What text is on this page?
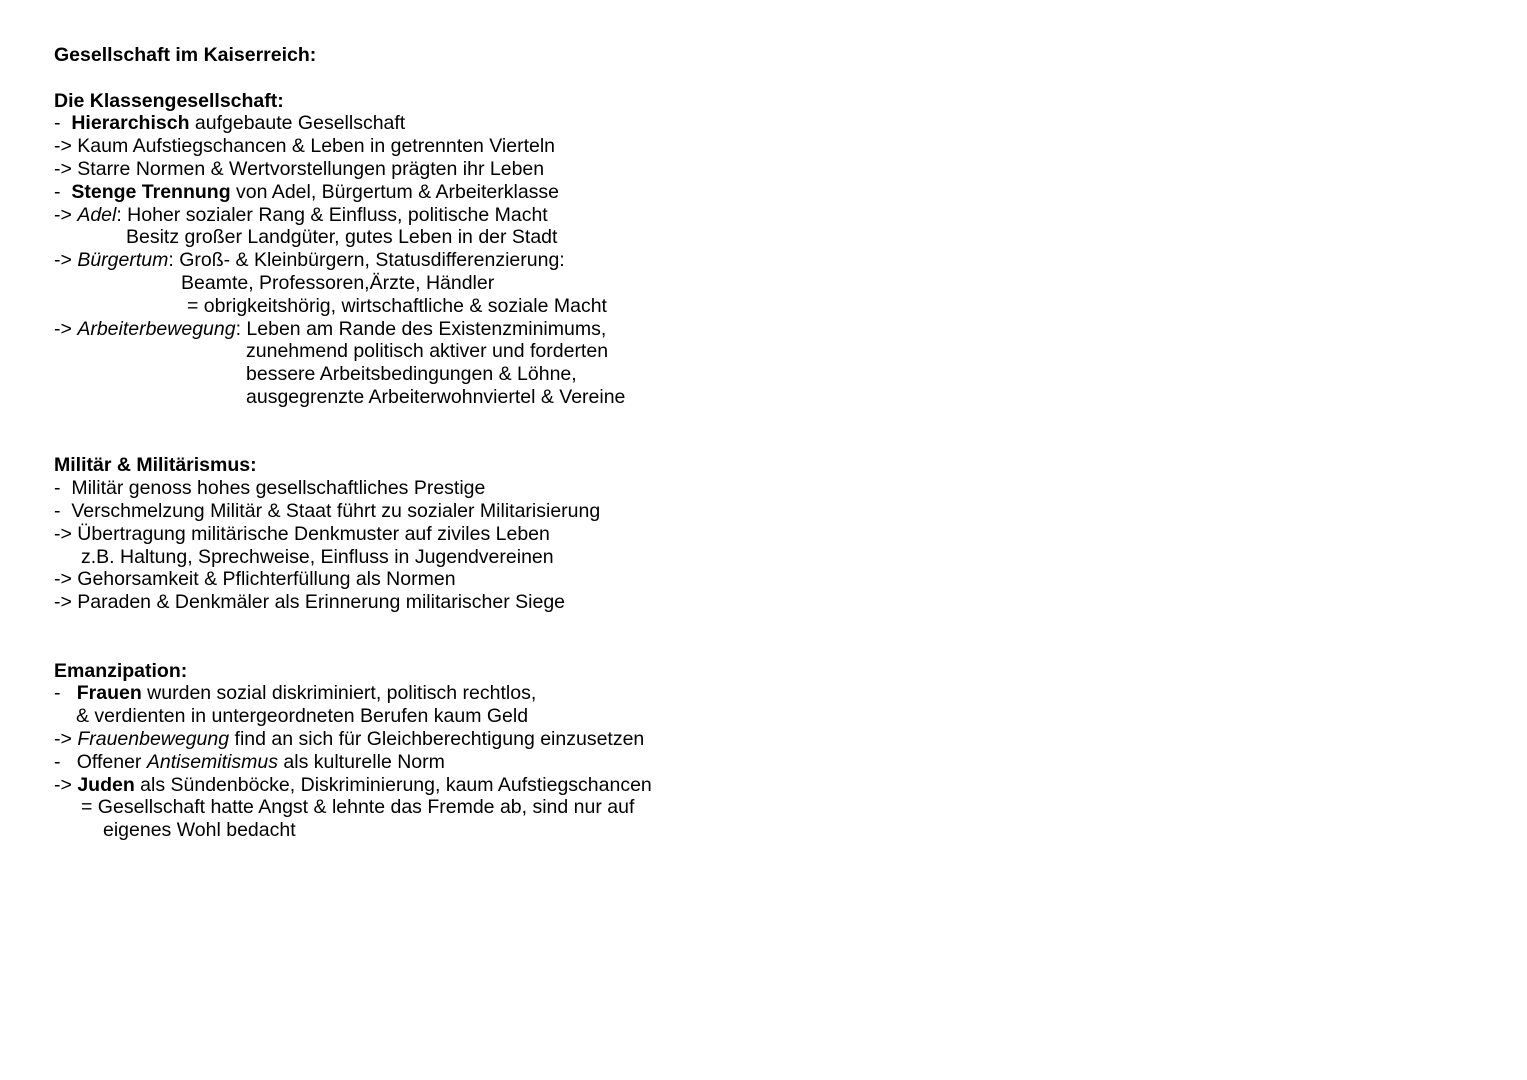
Gesellschaft im Kaiserreich:
Die Klassengesellschaft:
-  Hierarchisch aufgebaute Gesellschaft
-> Kaum Aufstiegschancen & Leben in getrennten Vierteln
-> Starre Normen & Wertvorstellungen prägten ihr Leben
-  Stenge Trennung von Adel, Bürgertum & Arbeiterklasse
-> Adel: Hoher sozialer Rang & Einfluss, politische Macht
Besitz großer Landgüter, gutes Leben in der Stadt
-> Bürgertum: Groß- & Kleinbürgern, Statusdifferenzierung:
Beamte, Professoren,Ärzte, Händler
= obrigkeitshörig, wirtschaftliche & soziale Macht
-> Arbeiterbewegung: Leben am Rande des Existenzminimums,
zunehmend politisch aktiver und forderten
bessere Arbeitsbedingungen & Löhne,
ausgegrenzte Arbeiterwohnviertel & Vereine
Militär & Militärismus:
-  Militär genoss hohes gesellschaftliches Prestige
-  Verschmelzung Militär & Staat führt zu sozialer Militarisierung
-> Übertragung militärische Denkmuster auf ziviles Leben
z.B. Haltung, Sprechweise, Einfluss in Jugendvereinen
-> Gehorsamkeit & Pflichterfüllung als Normen
-> Paraden & Denkmäler als Erinnerung militarischer Siege
Emanzipation:
-   Frauen wurden sozial diskriminiert, politisch rechtlos,
& verdienten in untergeordneten Berufen kaum Geld
-> Frauenbewegung find an sich für Gleichberechtigung einzusetzen
-   Offener Antisemitismus als kulturelle Norm
-> Juden als Sündenböcke, Diskriminierung, kaum Aufstiegschancen
= Gesellschaft hatte Angst & lehnte das Fremde ab, sind nur auf
eigenes Wohl bedacht
